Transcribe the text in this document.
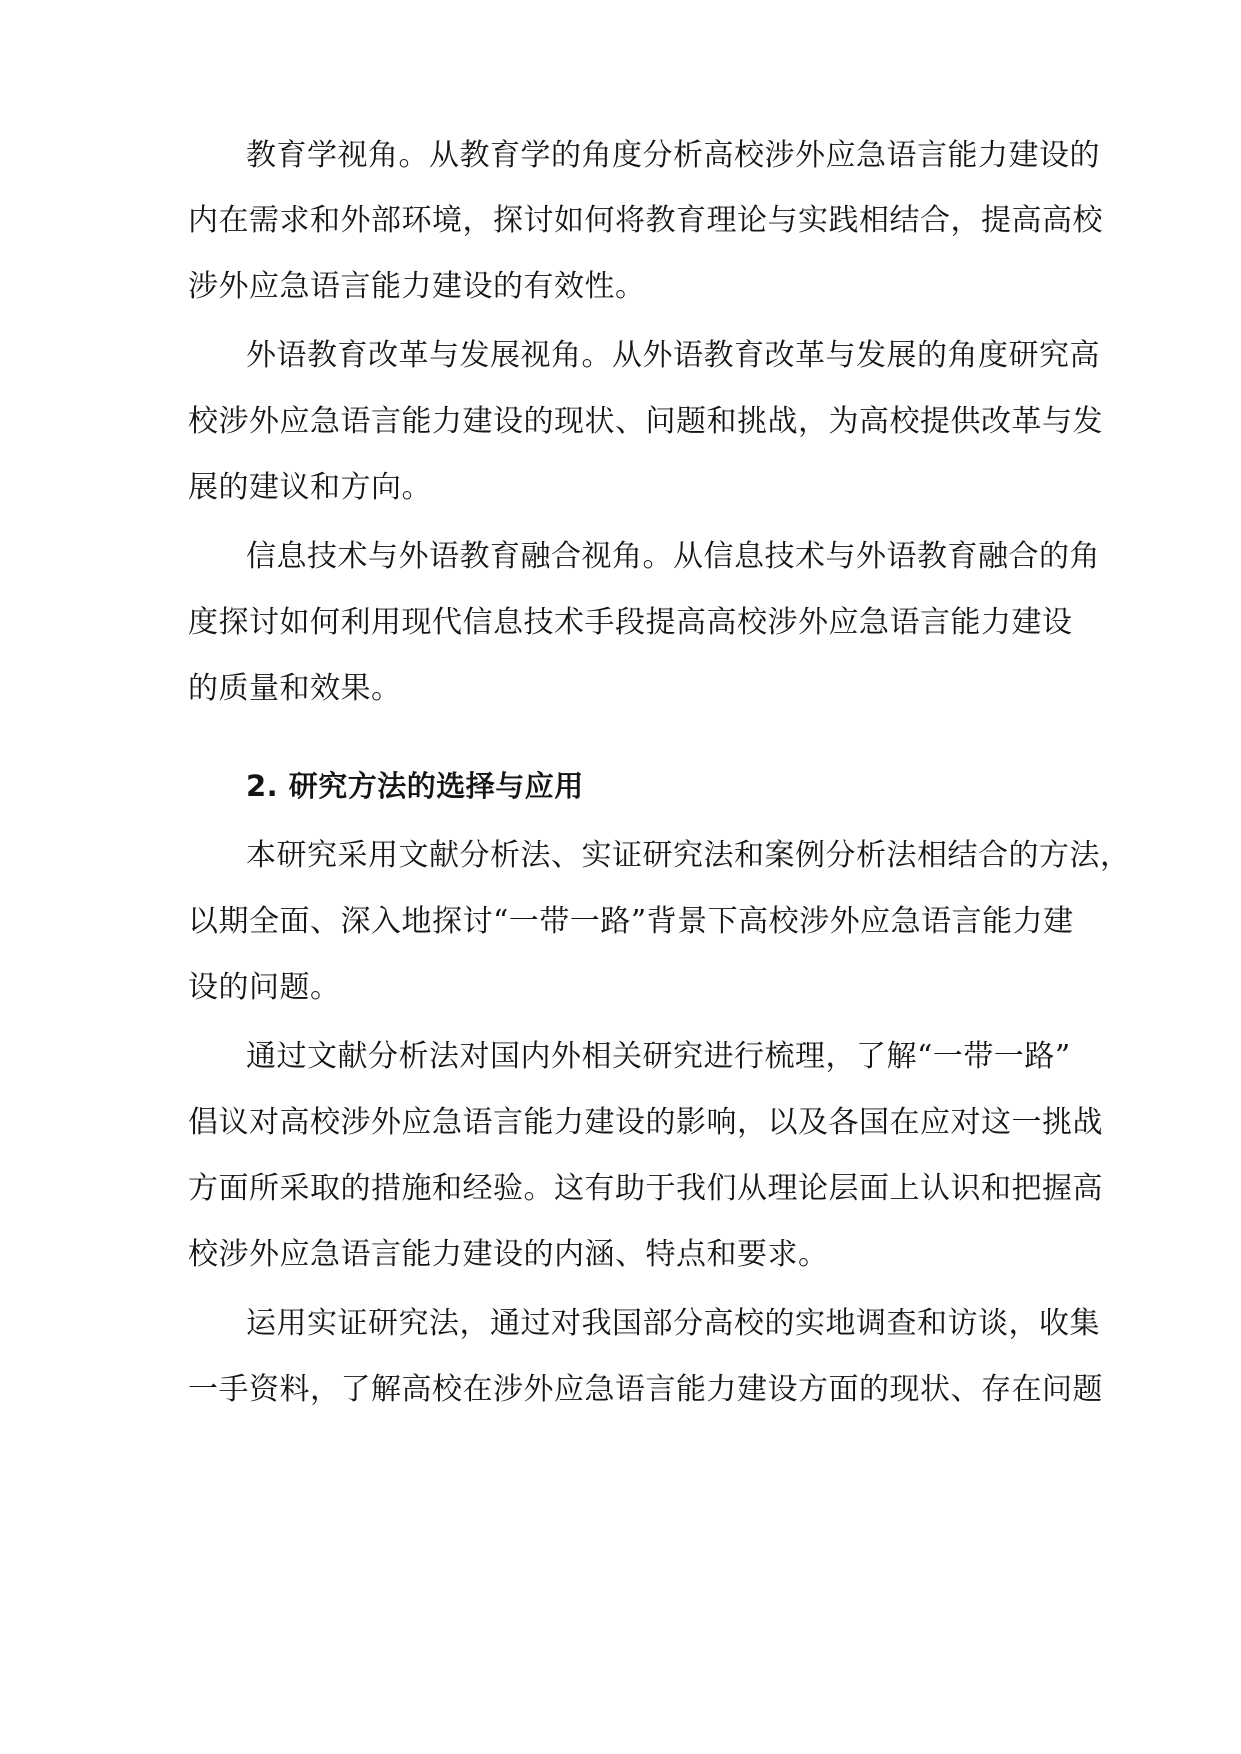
教育学视角。从教育学的角度分析高校涉外应急语言能力建设的
内在需求和外部环境，探讨如何将教育理论与实践相结合，提高高校
涉外应急语言能力建设的有效性。
外语教育改革与发展视角。从外语教育改革与发展的角度研究高
校涉外应急语言能力建设的现状、问题和挑战，为高校提供改革与发
展的建议和方向。
信息技术与外语教育融合视角。从信息技术与外语教育融合的角
度探讨如何利用现代信息技术手段提高高校涉外应急语言能力建设
的质量和效果。
2. 研究方法的选择与应用
本研究采用文献分析法、实证研究法和案例分析法相结合的方法，
以期全面、深入地探讨“一带一路”背景下高校涉外应急语言能力建
设的问题。
通过文献分析法对国内外相关研究进行梳理，了解“一带一路”
倡议对高校涉外应急语言能力建设的影响，以及各国在应对这一挑战
方面所采取的措施和经验。这有助于我们从理论层面上认识和把握高
校涉外应急语言能力建设的内涵、特点和要求。
运用实证研究法，通过对我国部分高校的实地调查和访谈，收集
一手资料，了解高校在涉外应急语言能力建设方面的现状、存在问题
